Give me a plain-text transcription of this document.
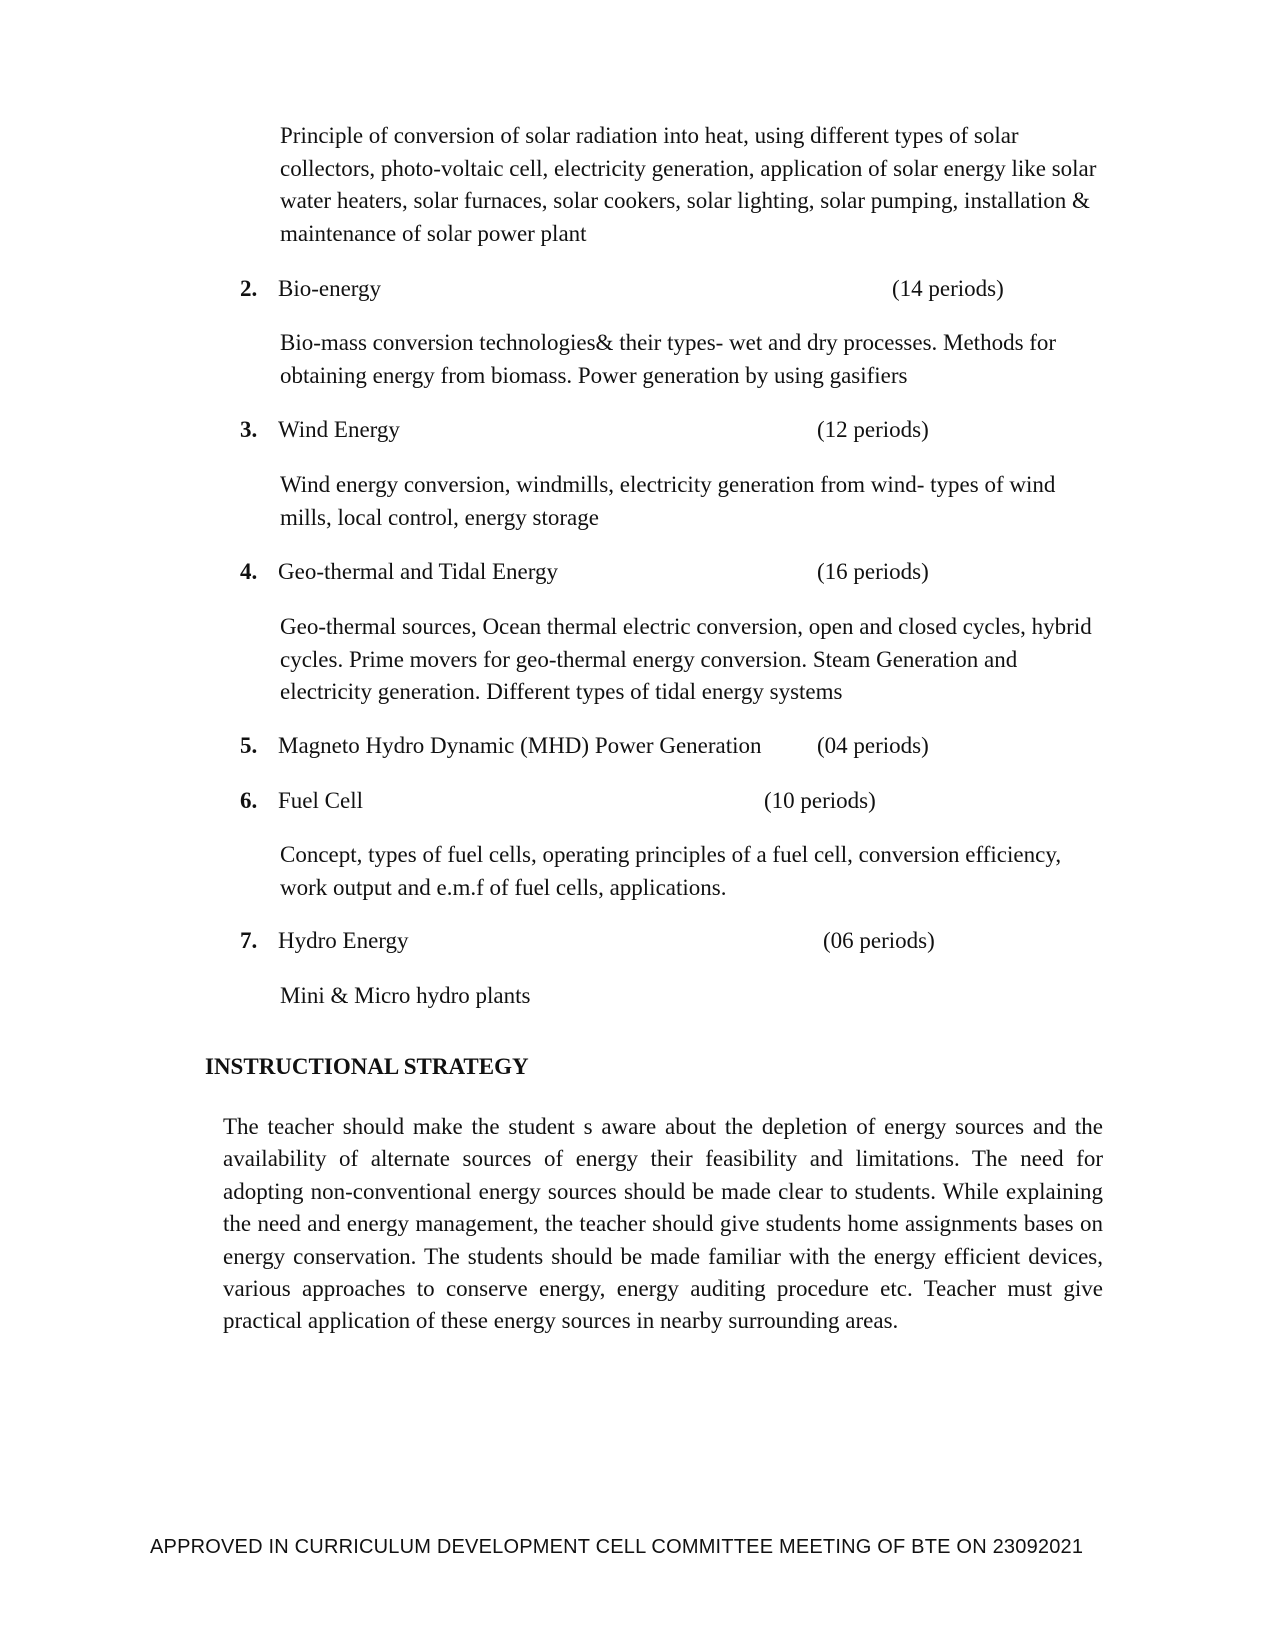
Principle of conversion of solar radiation into heat, using different types of solar collectors, photo-voltaic cell, electricity generation, application of solar energy like solar water heaters, solar furnaces, solar cookers, solar lighting, solar pumping, installation & maintenance of solar power plant

2. Bio-energy	(14 periods)

Bio-mass conversion technologies& their types- wet and dry processes. Methods for obtaining energy from biomass. Power generation by using gasifiers

3. Wind Energy	(12 periods)

Wind energy conversion, windmills, electricity generation from wind- types of wind mills, local control, energy storage

4. Geo-thermal and Tidal Energy	(16 periods)

Geo-thermal sources, Ocean thermal electric conversion, open and closed cycles, hybrid cycles. Prime movers for geo-thermal energy conversion. Steam Generation and electricity generation. Different types of tidal energy systems

5. Magneto Hydro Dynamic (MHD) Power Generation (04 periods)
6. Fuel Cell	(10 periods)

Concept, types of fuel cells, operating principles of a fuel cell, conversion efficiency, work output and e.m.f of fuel cells, applications.

7. Hydro Energy	(06 periods)

Mini & Micro hydro plants

INSTRUCTIONAL STRATEGY

The teacher should make the student s aware about the depletion of energy sources and the availability of alternate sources of energy their feasibility and limitations. The need for adopting non-conventional energy sources should be made clear to students. While explaining the need and energy management, the teacher should give students home assignments bases on energy conservation. The students should be made familiar with the energy efficient devices, various approaches to conserve energy, energy auditing procedure etc. Teacher must give practical application of these energy sources in nearby surrounding areas.

APPROVED IN CURRICULUM DEVELOPMENT CELL COMMITTEE MEETING OF BTE ON 23092021
